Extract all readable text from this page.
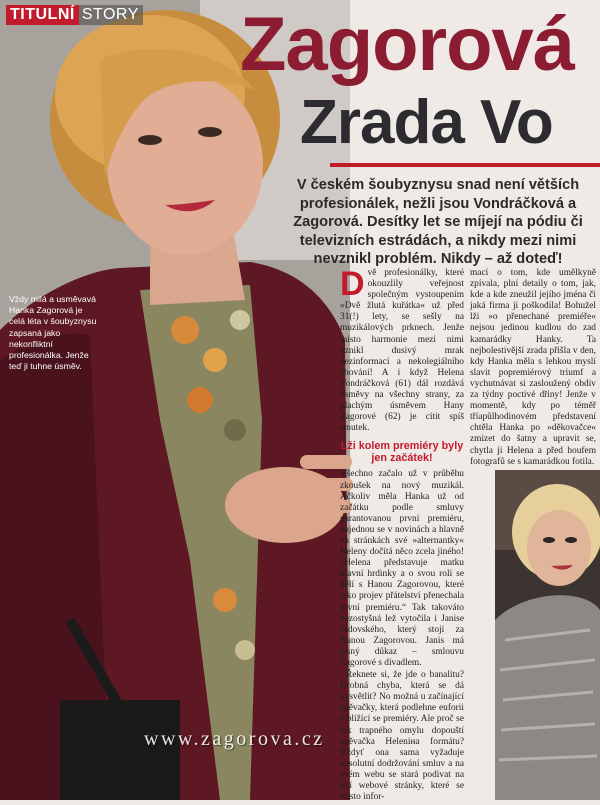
TITULNÍ STORY Zagorová
Zrada Vo
V českém šoubyznysu snad není větších profesionálek, nežli jsou Vondráčková a Zagorová. Desítky let se míjejí na pódiu či televizních estrádách, a nikdy mezi nimi nevznikl problém. Nikdy – až doteď!
Vždy milá a usměvavá Hanka Zagorová je celá léta v šoubyznysu zapsaná jako nekonfliktní profesionálka. Jenže teď ji tuhne úsměv.

Dvě profesionálky, které okouzlily veřejnost společným vystoupením »Dvě žlutá kuřátka« už před 31(!) lety, se sešly na muzikálových prknech. Jenže místo harmonie mezi nimi vznikl dusivý mrak dezinformací a nekolegiálního chování! A i když Helena Vondráčková (61) dál rozdává úsměvy na všechny strany, za plachým úsměvem Hany Zagorové (62) je cítit spíš smutek.

Lži kolem premiéry byly jen začátek!

Všechno začalo už v průběhu zkoušek na nový muzikál. Ačkoliv měla Hanka už od začátku podle smluvy garantovanou první premiéru, najednou se v novinách a hlavně na stránkách své »alternantky« Heleny dočítá něco zcela jiného! „Helena představuje matku hlavní hrdinky a o svou roli se dělí s Hanou Zagorovou, které jako projev přátelství přenechala první premiéru.“ Tak takováto bezostyšná lež vytočila i Janise Sidovského, který stojí za Hanou Zagorovou. Janis má jasný důkaz – smlouvu Zagorové s divadlem.

Řeknete si, že jde o banalitu? Drobná chyba, která se dá vysvětlit? No možná u začínající zpěvačky, která podlehne euforii z blížící se premiéry. Ale proč se tak trapného omylu dopouští zpěvačka Heleniна formátu? Vždyť ona sama vyžaduje absolutní dodržování smluv a na svém webu se stará podivat na její webové stránky, které se místo infor-

mací o tom, kde umělkyně zpívala, plní detaily o tom, jak, kde a kde zneužil jejího jména či jaká firma ji poškodila! Bohužel lži »o přenechané premiéře« nejsou jedinou kudlou do zad kamarádky Hanky. Ta nejbolestivější zrada přišla v den, kdy Hanka měla s lehkou myslí slavit popremiérový triumf a vychutnávat si zasloužený obdiv za týdny poctivé dřiny! Jenže v momentě, kdy po téměř tříapůlhodinovém představení chtěla Hanka po »děkovačce« zmizet do šatny a upravit se, chytla ji Helena a před houfem fotografů se s kamarádkou fotila.

www.zagorova.cz
